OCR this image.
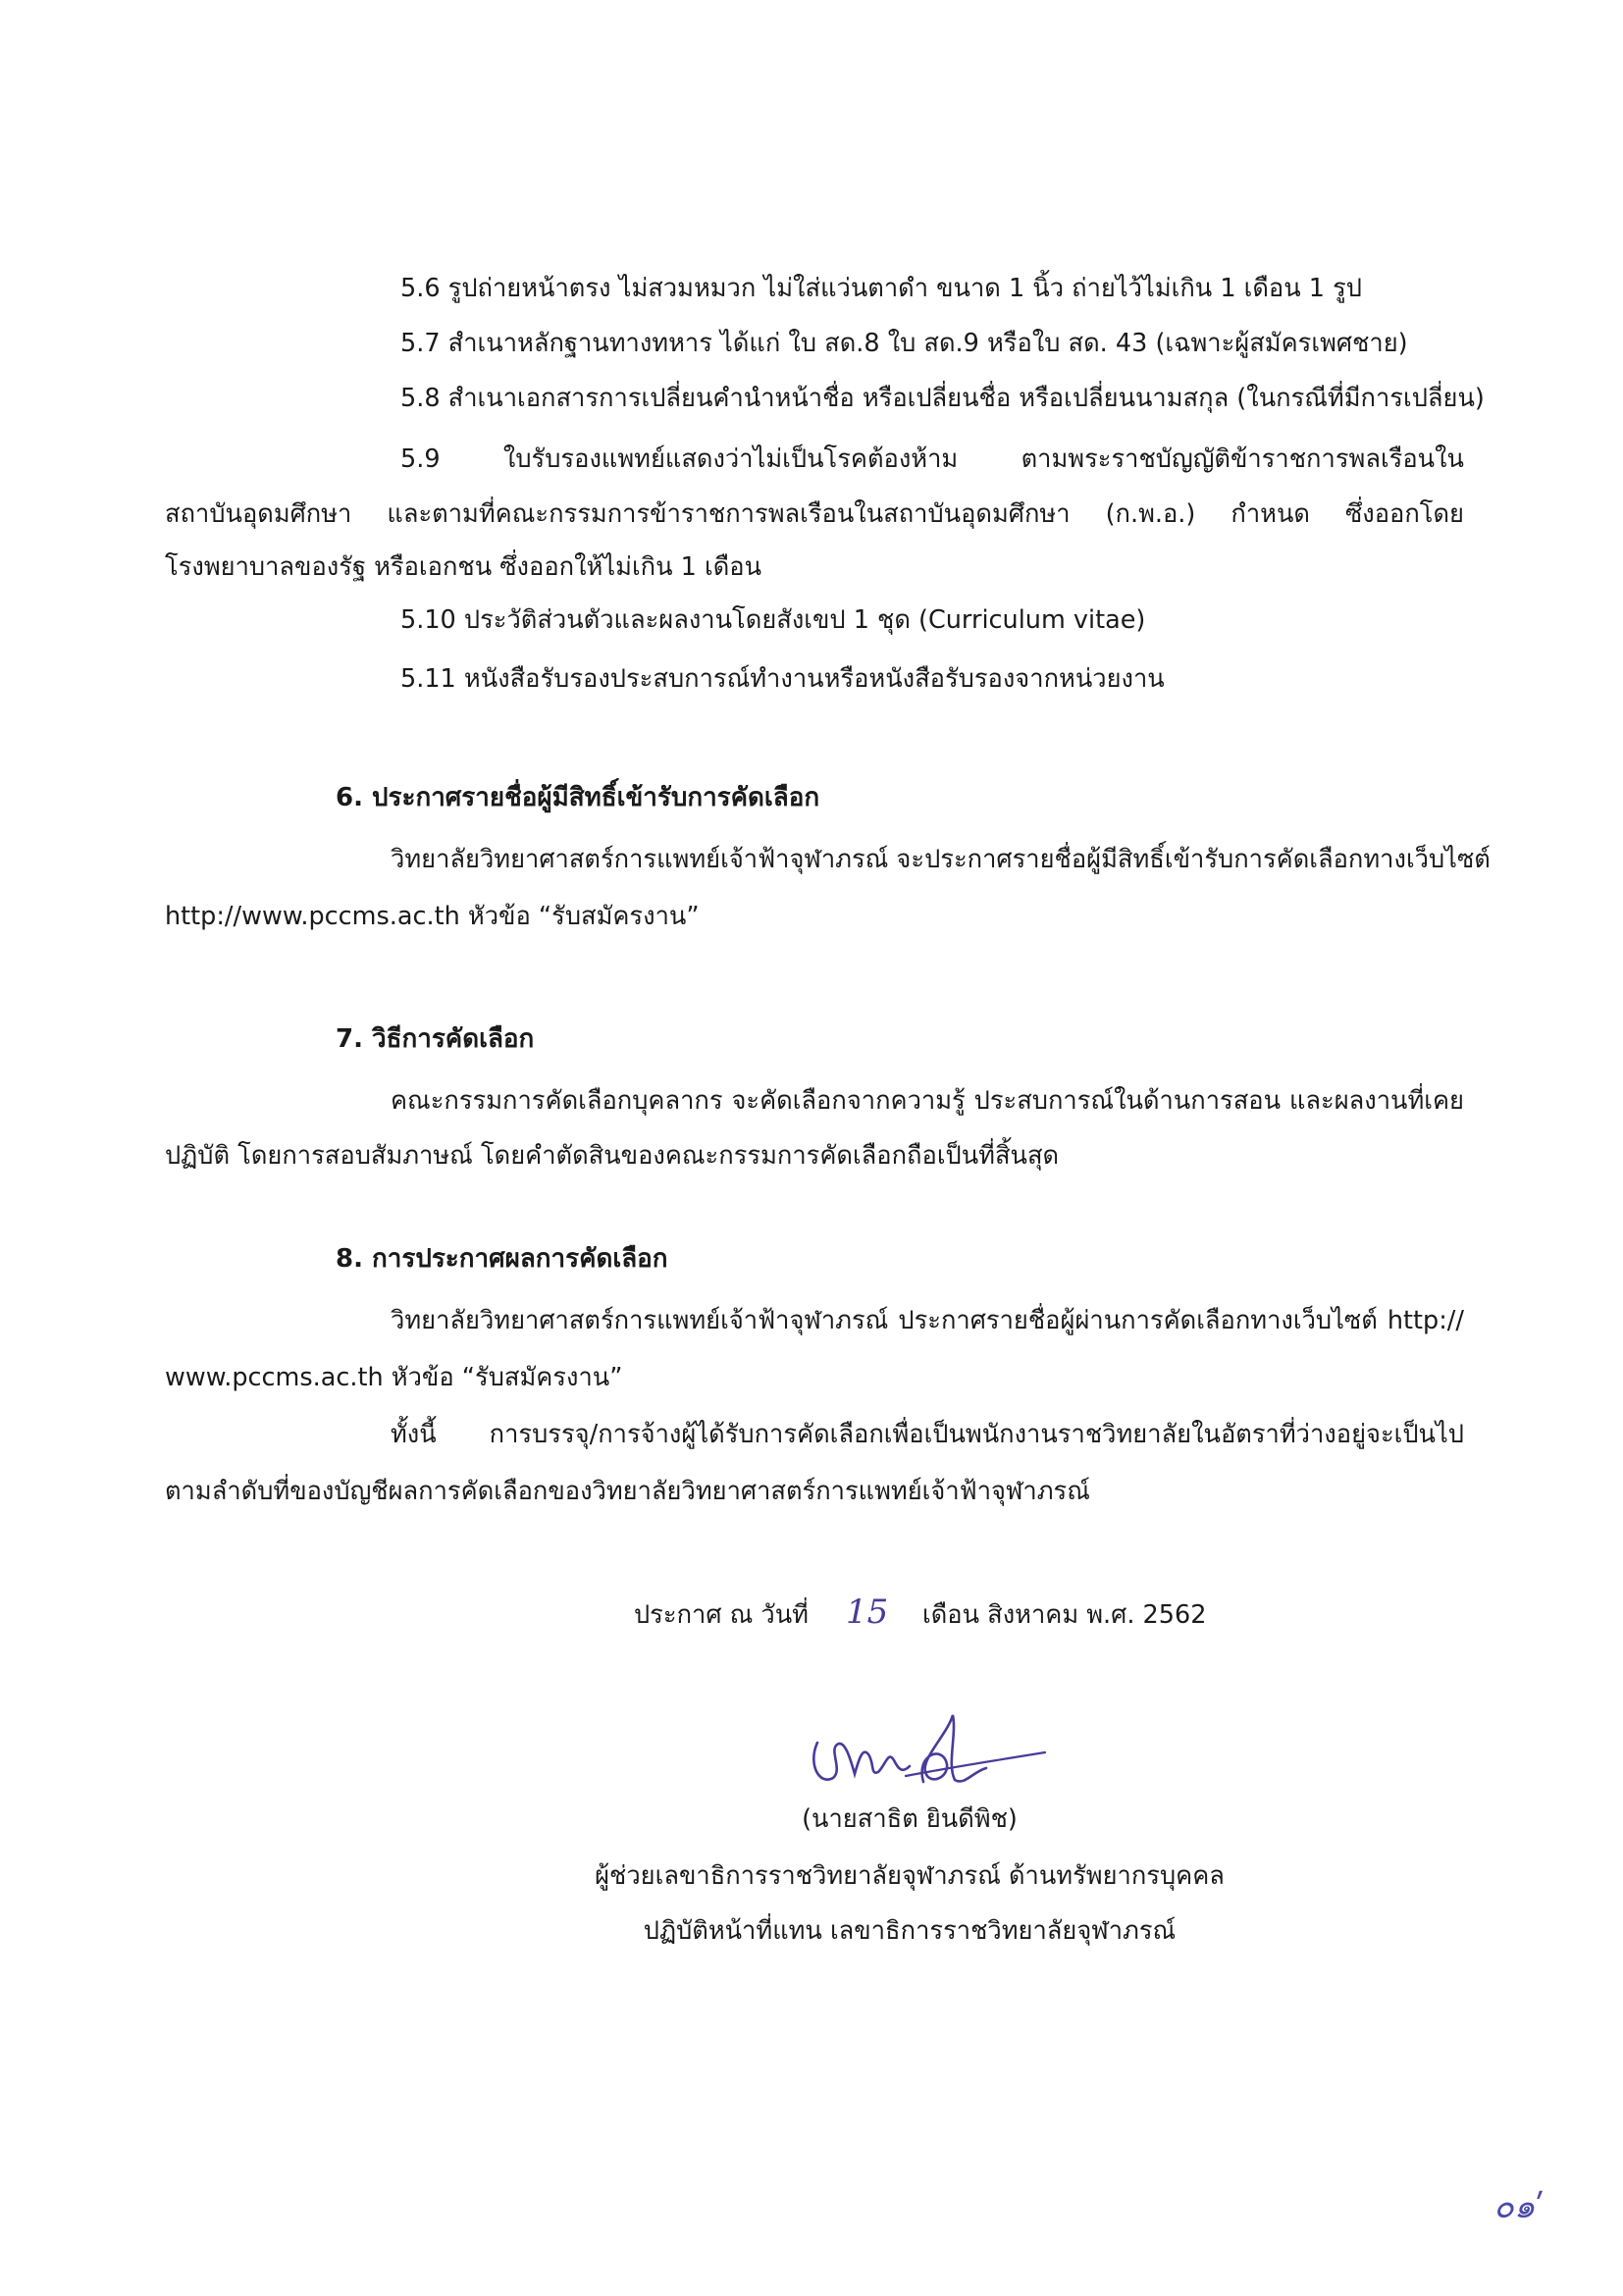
5.6 รูปถ่ายหน้าตรง ไม่สวมหมวก ไม่ใส่แว่นตาดำ ขนาด 1 นิ้ว ถ่ายไว้ไม่เกิน 1 เดือน 1 รูป
5.7 สำเนาหลักฐานทางทหาร ได้แก่ ใบ สด.8 ใบ สด.9 หรือใบ สด. 43 (เฉพาะผู้สมัครเพศชาย)
5.8 สำเนาเอกสารการเปลี่ยนคำนำหน้าชื่อ หรือเปลี่ยนชื่อ หรือเปลี่ยนนามสกุล (ในกรณีที่มีการเปลี่ยน)
5.9 ใบรับรองแพทย์แสดงว่าไม่เป็นโรคต้องห้าม ตามพระราชบัญญัติข้าราชการพลเรือนใน
สถาบันอุดมศึกษา และตามที่คณะกรรมการข้าราชการพลเรือนในสถาบันอุดมศึกษา (ก.พ.อ.) กำหนด ซึ่งออกโดย
โรงพยาบาลของรัฐ หรือเอกชน ซึ่งออกให้ไม่เกิน 1 เดือน
5.10 ประวัติส่วนตัวและผลงานโดยสังเขป 1 ชุด (Curriculum vitae)
5.11 หนังสือรับรองประสบการณ์ทำงานหรือหนังสือรับรองจากหน่วยงาน
6. ประกาศรายชื่อผู้มีสิทธิ์เข้ารับการคัดเลือก
วิทยาลัยวิทยาศาสตร์การแพทย์เจ้าฟ้าจุฬาภรณ์ จะประกาศรายชื่อผู้มีสิทธิ์เข้ารับการคัดเลือกทางเว็บไซต์
http://www.pccms.ac.th หัวข้อ “รับสมัครงาน”
7. วิธีการคัดเลือก
คณะกรรมการคัดเลือกบุคลากร จะคัดเลือกจากความรู้ ประสบการณ์ในด้านการสอน และผลงานที่เคย
ปฏิบัติ โดยการสอบสัมภาษณ์ โดยคำตัดสินของคณะกรรมการคัดเลือกถือเป็นที่สิ้นสุด
8. การประกาศผลการคัดเลือก
วิทยาลัยวิทยาศาสตร์การแพทย์เจ้าฟ้าจุฬาภรณ์ ประกาศรายชื่อผู้ผ่านการคัดเลือกทางเว็บไซต์ http://
www.pccms.ac.th หัวข้อ “รับสมัครงาน”
ทั้งนี้ การบรรจุ/การจ้างผู้ได้รับการคัดเลือกเพื่อเป็นพนักงานราชวิทยาลัยในอัตราที่ว่างอยู่จะเป็นไป
ตามลำดับที่ของบัญชีผลการคัดเลือกของวิทยาลัยวิทยาศาสตร์การแพทย์เจ้าฟ้าจุฬาภรณ์
ประกาศ ณ วันที่ 15 เดือน สิงหาคม พ.ศ. 2562
(นายสาธิต ยินดีพิช)
ผู้ช่วยเลขาธิการราชวิทยาลัยจุฬาภรณ์ ด้านทรัพยากรบุคคล
ปฏิบัติหน้าที่แทน เลขาธิการราชวิทยาลัยจุฬาภรณ์
๐๑ʹ
